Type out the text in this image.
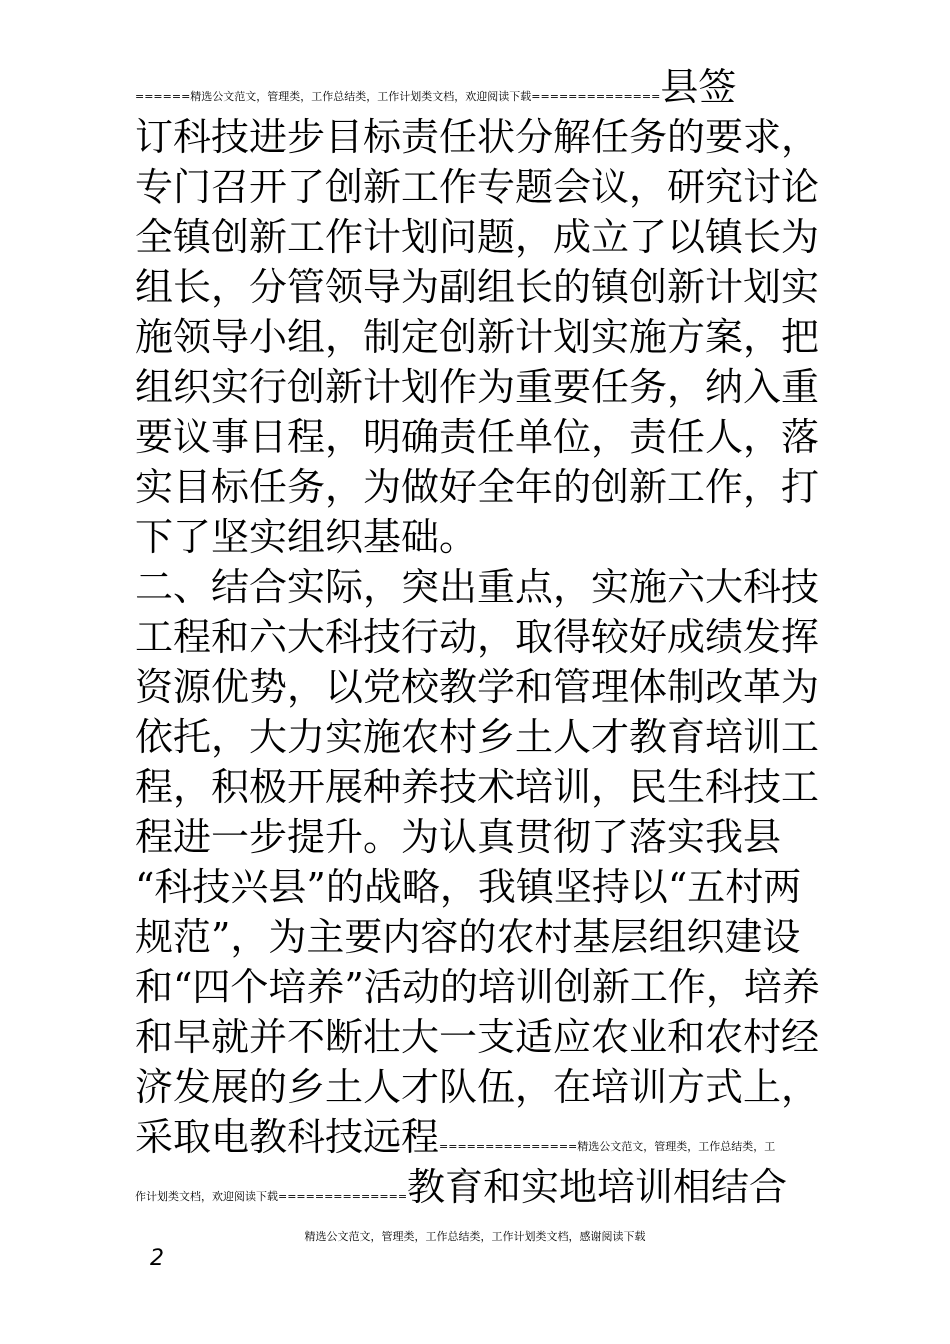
======精选公文范文，管理类，工作总结类，工作计划类文档，欢迎阅读下载==============县签
订科技进步目标责任状分解任务的要求，
专门召开了创新工作专题会议，研究讨论
全镇创新工作计划问题，成立了以镇长为
组长，分管领导为副组长的镇创新计划实
施领导小组，制定创新计划实施方案，把
组织实行创新计划作为重要任务，纳入重
要议事日程，明确责任单位，责任人，落
实目标任务，为做好全年的创新工作，打
下了坚实组织基础。
二、结合实际，突出重点，实施六大科技
工程和六大科技行动，取得较好成绩发挥
资源优势，以党校教学和管理体制改革为
依托，大力实施农村乡土人才教育培训工
程，积极开展种养技术培训，民生科技工
程进一步提升。为认真贯彻了落实我县
“科技兴县”的战略，我镇坚持以“五村两
规范”，为主要内容的农村基层组织建设
和“四个培养”活动的培训创新工作，培养
和早就并不断壮大一支适应农业和农村经
济发展的乡土人才队伍，在培训方式上，
采取电教科技远程===============精选公文范文，管理类，工作总结类，工
作计划类文档，欢迎阅读下载==============教育和实地培训相结合
精选公文范文，管理类，工作总结类，工作计划类文档，感谢阅读下载
2
